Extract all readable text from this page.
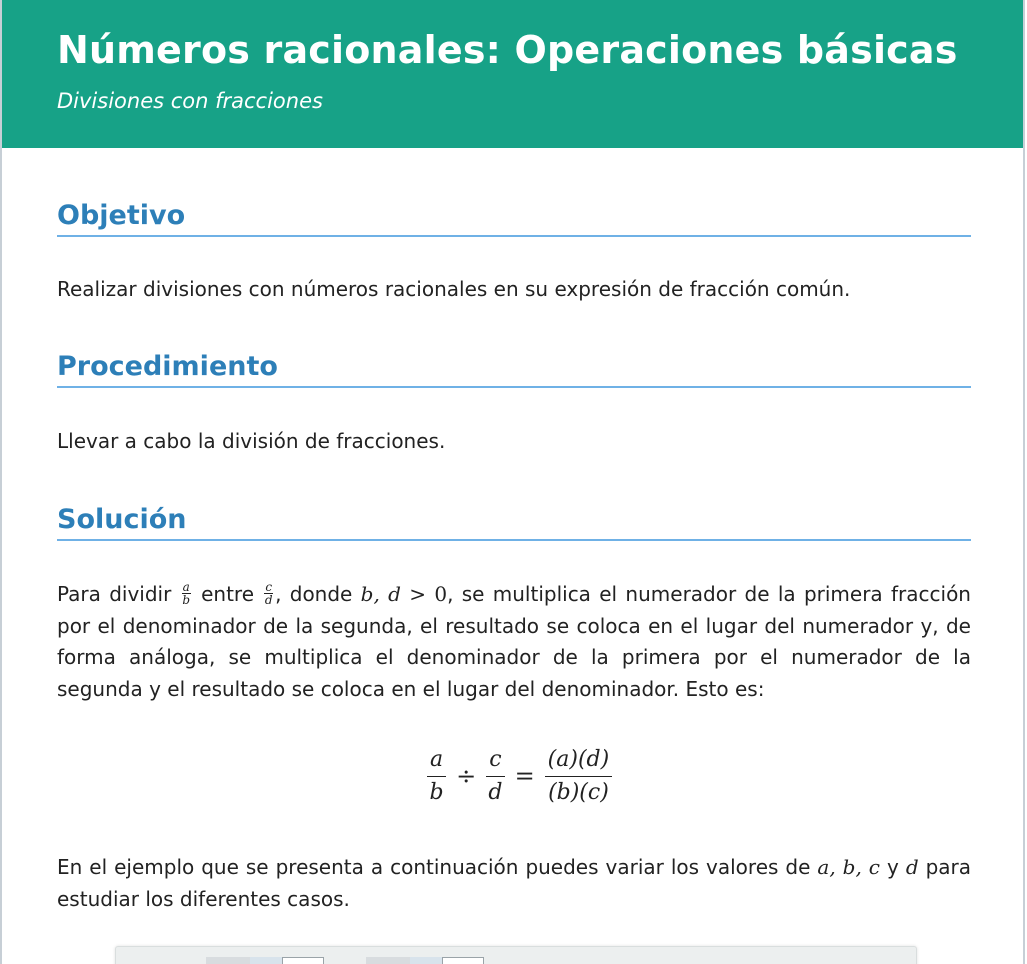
Números racionales: Operaciones básicas
Divisiones con fracciones
Objetivo

Realizar divisiones con números racionales en su expresión de fracción común.

Procedimiento

Llevar a cabo la división de fracciones.

Solución

Para dividir $\frac{a}{b}$ entre $\frac{c}{d}$ , donde b, d > 0, se multiplica el numerador de la primera fracción por el denominador de la segunda, el resultado se coloca en el lugar del numerador y, de forma análoga, se multiplica el denominador de la primera por el numerador de la segunda y el resultado se coloca en el lugar del denominador. Esto es:

$\frac{a}{b} \div \frac{c}{d} = \frac{(a)(d)}{(b)(c)}$

En el ejemplo que se presenta a continuación puedes variar los valores de a, b, c y d para estudiar los diferentes casos.
